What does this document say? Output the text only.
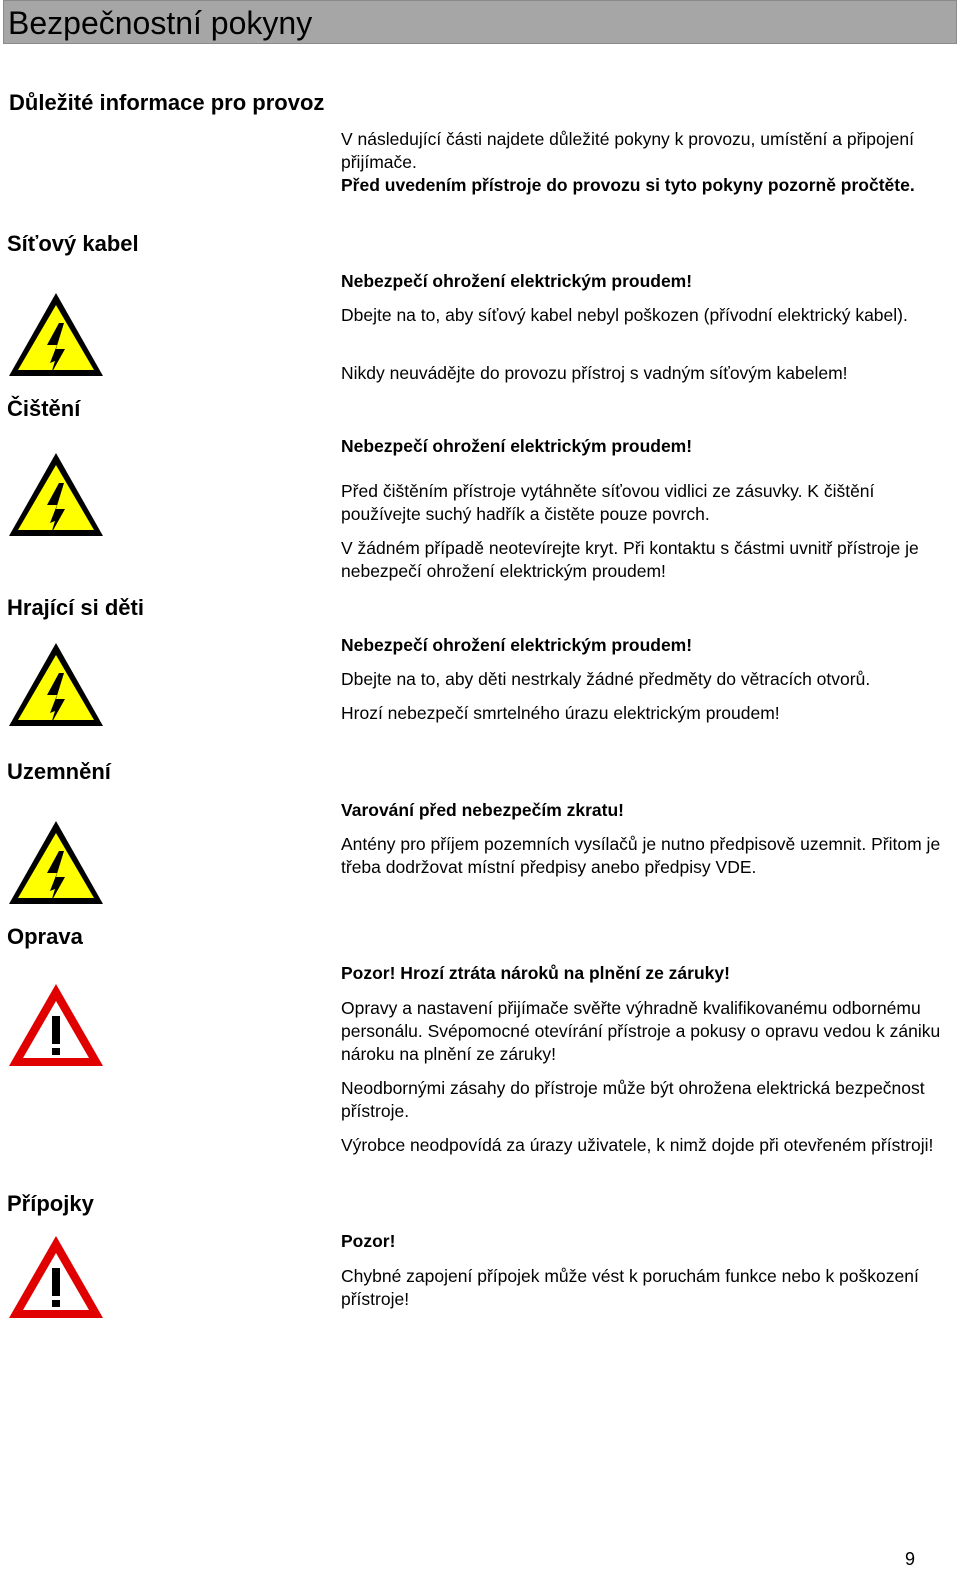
Bezpečnostní pokyny
Důležité informace pro provoz

V následující části najdete důležité pokyny k provozu, umístění a připojení přijímače.

Před uvedením přístroje do provozu si tyto pokyny pozorně pročtěte.

Síťový kabel

Nebezpečí ohrožení elektrickým proudem!

Dbejte na to, aby síťový kabel nebyl poškozen (přívodní elektrický kabel).

Nikdy neuvádějte do provozu přístroj s vadným síťovým kabelem!

Čištění

Nebezpečí ohrožení elektrickým proudem!

Před čištěním přístroje vytáhněte síťovou vidlici ze zásuvky. K čištění používejte suchý hadřík a čistěte pouze povrch.

V žádném případě neotevírejte kryt. Při kontaktu s částmi uvnitř přístroje je nebezpečí ohrožení elektrickým proudem!

Hrající si děti

Nebezpečí ohrožení elektrickým proudem!

Dbejte na to, aby děti nestrkaly žádné předměty do větracích otvorů.

Hrozí nebezpečí smrtelného úrazu elektrickým proudem!

Uzemnění

Varování před nebezpečím zkratu!

Antény pro příjem pozemních vysílačů je nutno předpisově uzemnit. Přitom je třeba dodržovat místní předpisy anebo předpisy VDE.

Oprava

Pozor! Hrozí ztráta nároků na plnění ze záruky!

Opravy a nastavení přijímače svěřte výhradně kvalifikovanému odbornému personálu. Svépomocné otevírání přístroje a pokusy o opravu vedou k zániku nároku na plnění ze záruky!

Neodbornými zásahy do přístroje může být ohrožena elektrická bezpečnost přístroje.

Výrobce neodpovídá za úrazy uživatele, k nimž dojde při otevřeném přístroji!

Přípojky

Pozor!

Chybné zapojení přípojek může vést k poruchám funkce nebo k poškození přístroje!

9
